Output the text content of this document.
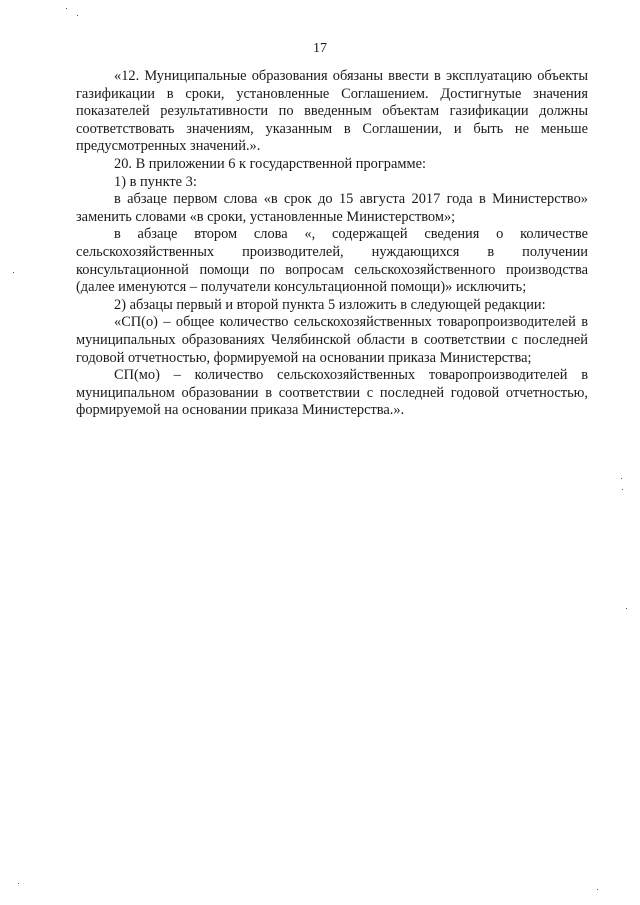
17

«12. Муниципальные образования обязаны ввести в эксплуатацию объекты газификации в сроки, установленные Соглашением. Достигнутые значения показателей результативности по введенным объектам газификации должны соответствовать значениям, указанным в Соглашении, и быть не меньше предусмотренных значений.».

20. В приложении 6 к государственной программе:

1) в пункте 3:

в абзаце первом слова «в срок до 15 августа 2017 года в Министерство» заменить словами «в сроки, установленные Министерством»;

в абзаце втором слова «, содержащей сведения о количестве сельскохозяйственных производителей, нуждающихся в получении консультационной помощи по вопросам сельскохозяйственного производства (далее именуются – получатели консультационной помощи)» исключить;

2) абзацы первый и второй пункта 5 изложить в следующей редакции:

«СП(о) – общее количество сельскохозяйственных товаропроизводителей в муниципальных образованиях Челябинской области в соответствии с последней годовой отчетностью, формируемой на основании приказа Министерства;

СП(мо) – количество сельскохозяйственных товаропроизводителей в муниципальном образовании в соответствии с последней годовой отчетностью, формируемой на основании приказа Министерства.».
